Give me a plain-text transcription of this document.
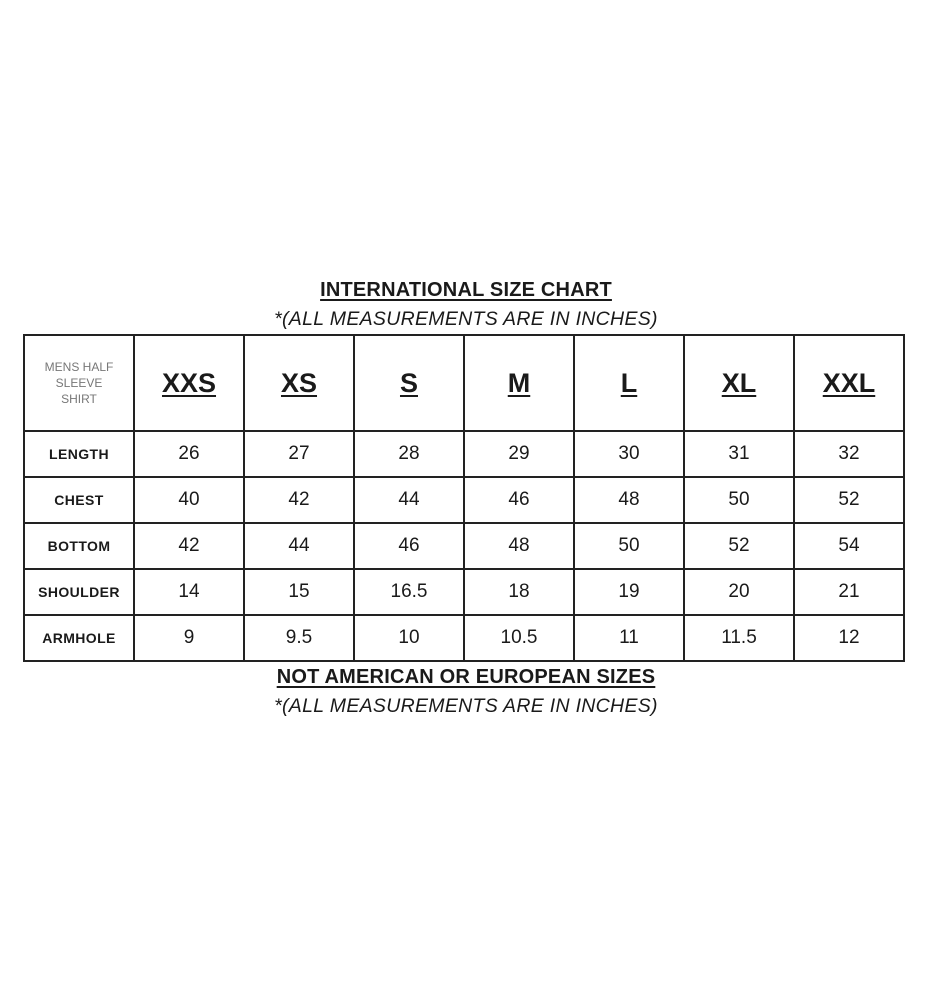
INTERNATIONAL SIZE CHART
*(ALL MEASUREMENTS ARE IN INCHES)
MENS HALF
SLEEVE
SHIRT	XXS	XS	S	M	L	XL	XXL
LENGTH	26	27	28	29	30	31	32
CHEST	40	42	44	46	48	50	52
BOTTOM	42	44	46	48	50	52	54
SHOULDER	14	15	16.5	18	19	20	21
ARMHOLE	9	9.5	10	10.5	11	11.5	12
NOT AMERICAN OR EUROPEAN SIZES
*(ALL MEASUREMENTS ARE IN INCHES)
